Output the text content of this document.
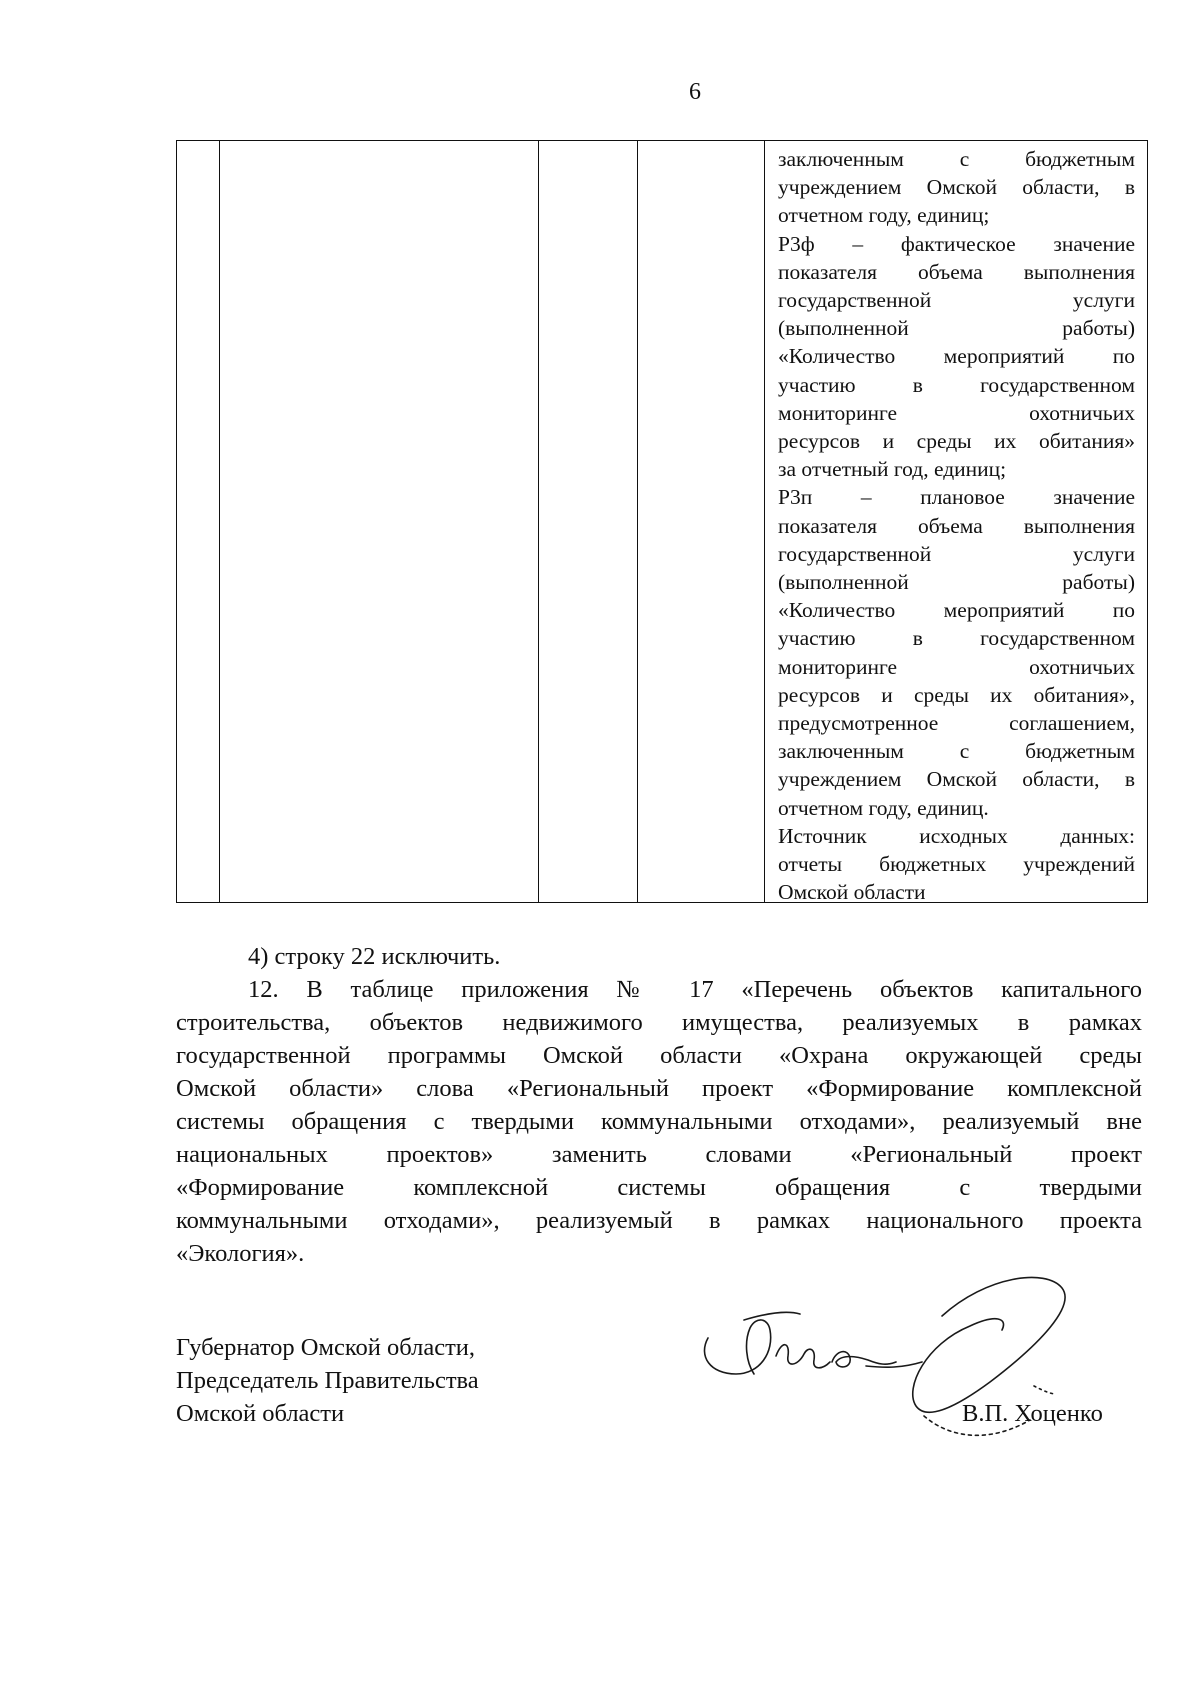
6

заключенным с бюджетным
учреждением Омской области, в
отчетном году, единиц;
Р3ф – фактическое значение
показателя объема выполнения
государственной услуги
(выполненной работы)
«Количество мероприятий по
участию в государственном
мониторинге охотничьих
ресурсов и среды их обитания»
за отчетный год, единиц;
Р3п – плановое значение
показателя объема выполнения
государственной услуги
(выполненной работы)
«Количество мероприятий по
участию в государственном
мониторинге охотничьих
ресурсов и среды их обитания»,
предусмотренное соглашением,
заключенным с бюджетным
учреждением Омской области, в
отчетном году, единиц.
Источник исходных данных:
отчеты бюджетных учреждений
Омской области
4) строку 22 исключить.
12. В таблице приложения № 17 «Перечень объектов капитального
строительства, объектов недвижимого имущества, реализуемых в рамках
государственной программы Омской области «Охрана окружающей среды
Омской области» слова «Региональный проект «Формирование комплексной
системы обращения с твердыми коммунальными отходами», реализуемый вне
национальных проектов» заменить словами «Региональный проект
«Формирование комплексной системы обращения с твердыми
коммунальными отходами», реализуемый в рамках национального проекта
«Экология».
Губернатор Омской области,
Председатель Правительства
Омской области	В.П. Хоценко
